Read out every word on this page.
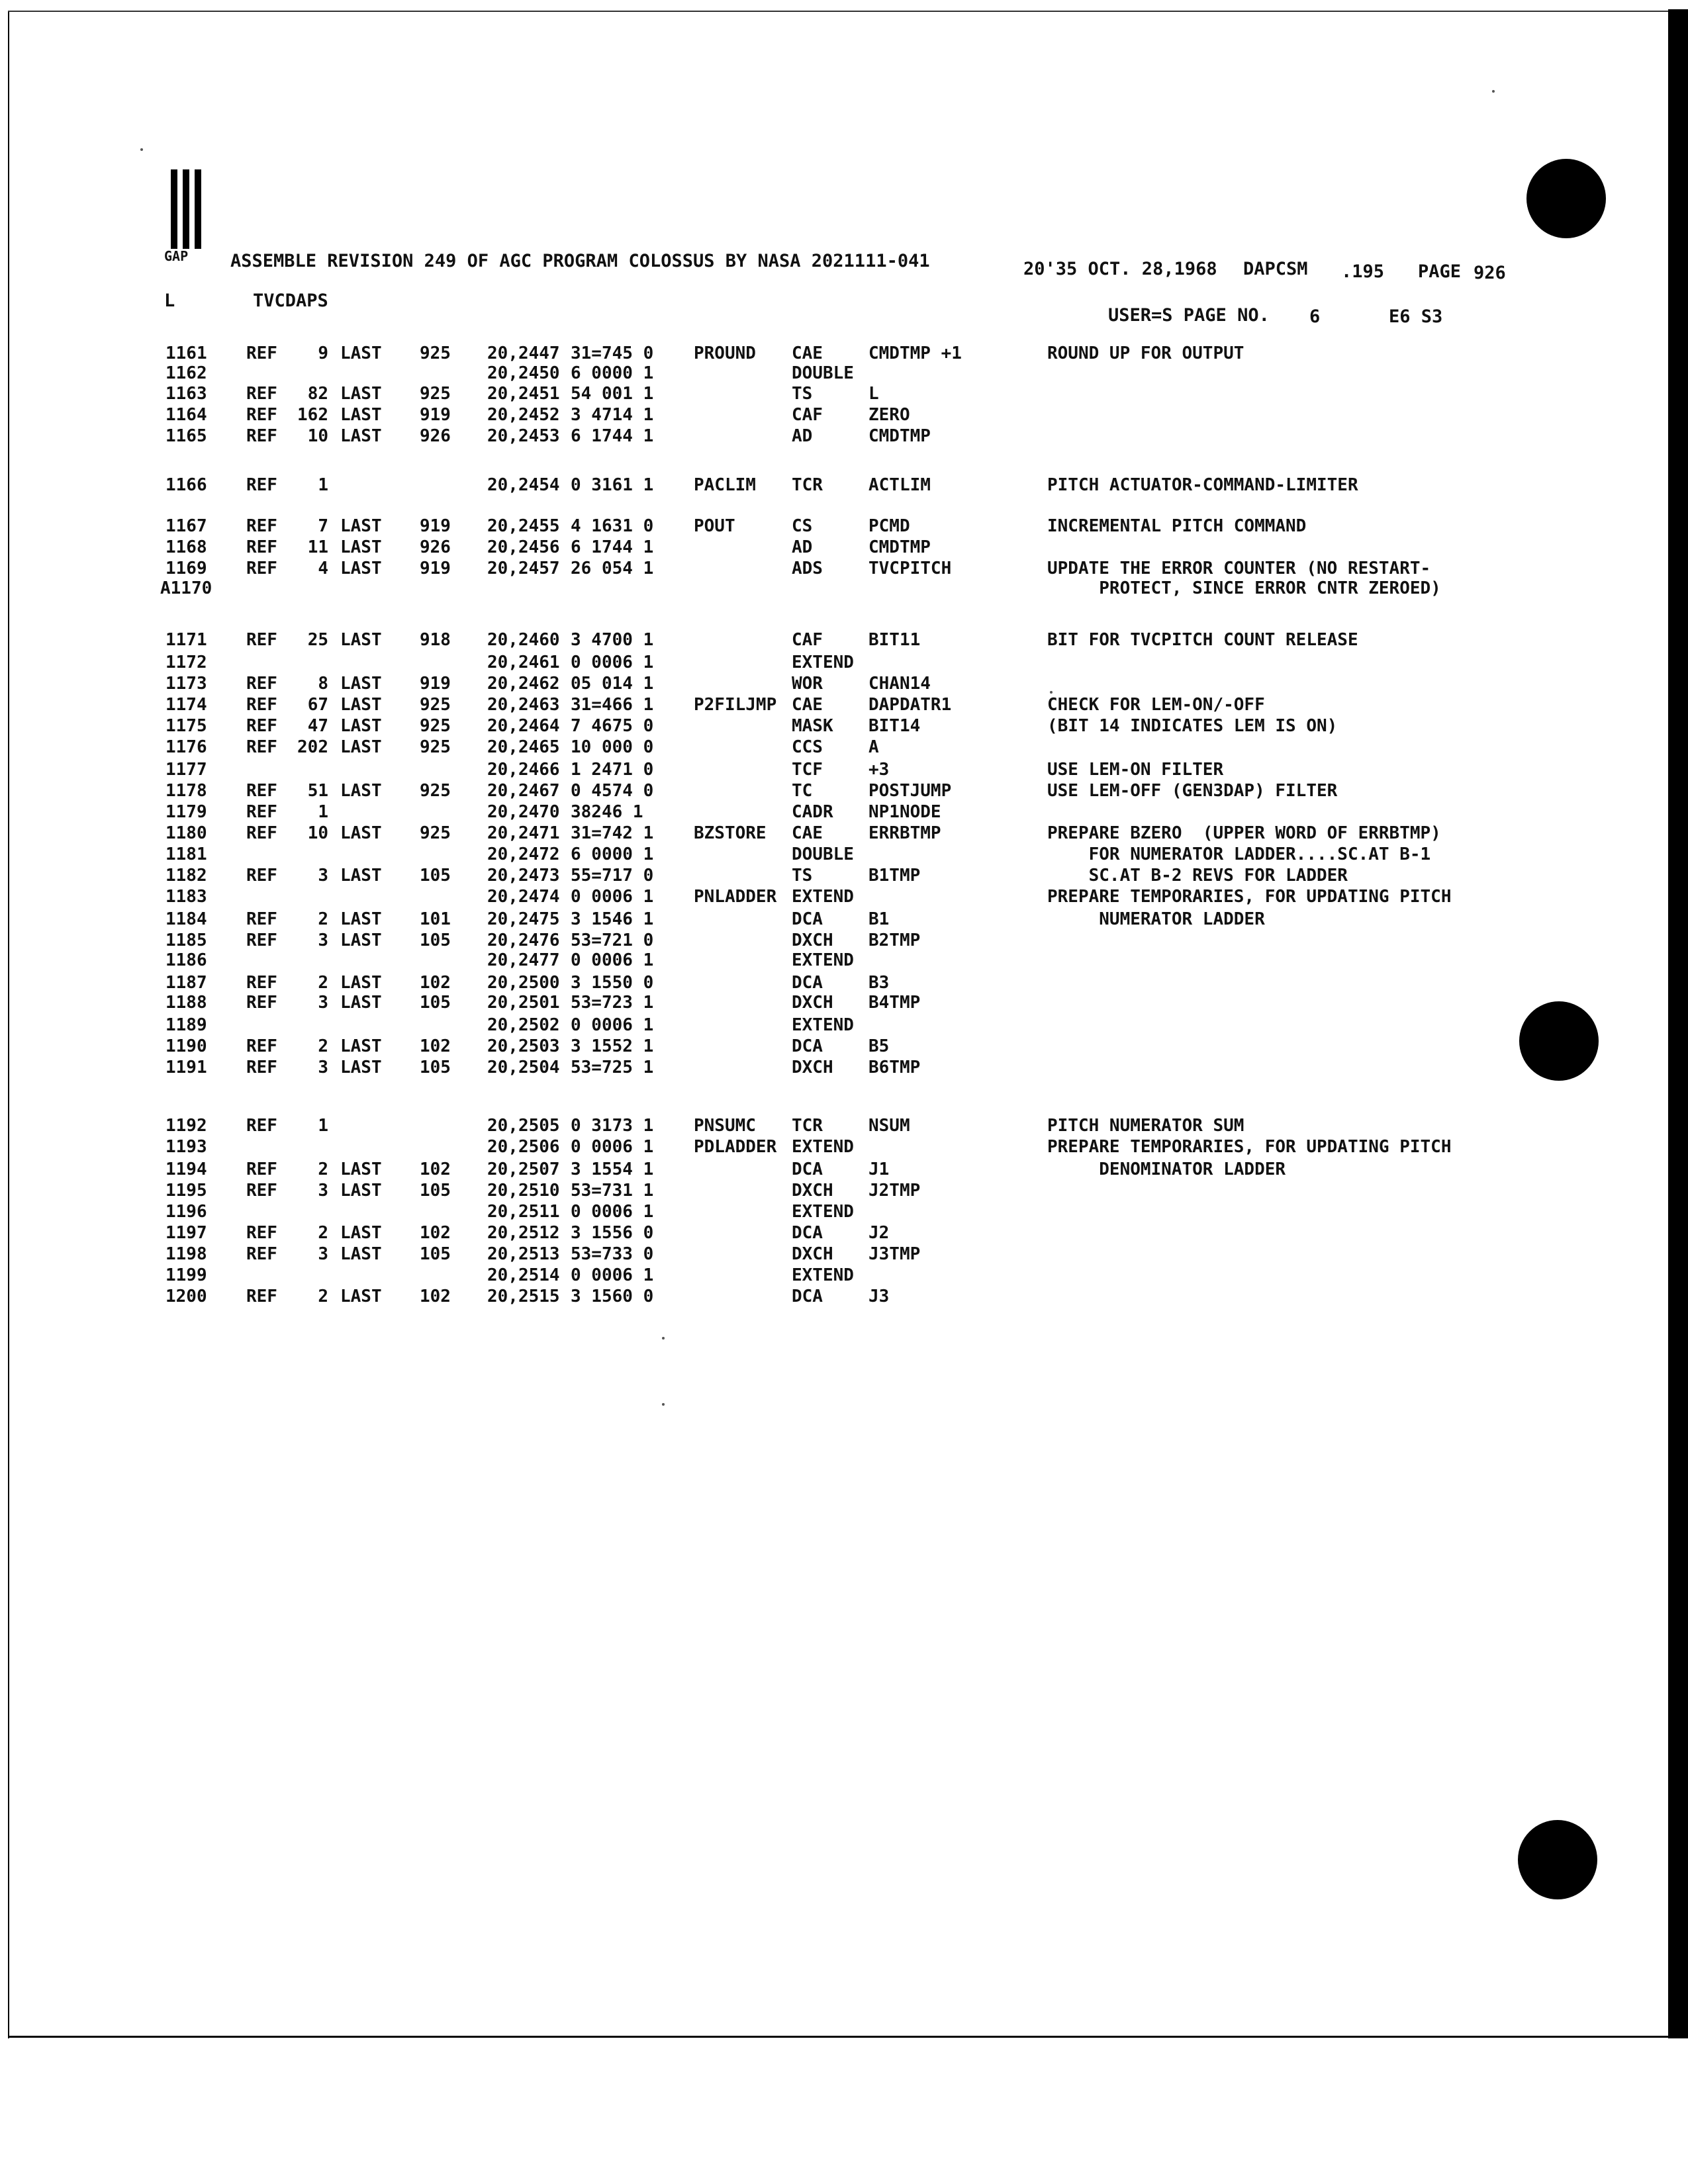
GAP ASSEMBLE REVISION 249 OF AGC PROGRAM COLOSSUS BY NASA 2021111-041	20'35 OCT. 28,1968 DAPCSM .195 PAGE 926
L	TVCDAPS
USER=S PAGE NO. 6	E6 S3
1161 REF	9 LAST 925 20,2447 31=745 0 PROUND CAE	CMDTMP +1	ROUND UP FOR OUTPUT
1162	20,2450 6 0000 1	DOUBLE
1163 REF	82 LAST 925 20,2451 54 001 1	TS	L
1164 REF	162 LAST 919 20,2452 3 4714 1	CAF	ZERO
1165 REF	10 LAST 926 20,2453 6 1744 1	AD	CMDTMP
1166 REF	1	20,2454 0 3161 1 PACLIM TCR	ACTLIM	PITCH ACTUATOR-COMMAND-LIMITER
1167 REF	7 LAST 919 20,2455 4 1631 0 POUT	CS	PCMD	INCREMENTAL PITCH COMMAND
1168 REF	11 LAST 926 20,2456 6 1744 1	AD	CMDTMP
1169 REF	4 LAST 919 20,2457 26 054 1	ADS	TVCPITCH	UPDATE THE ERROR COUNTER (NO RESTART-
A1170	PROTECT, SINCE ERROR CNTR ZEROED)
1171 REF	25 LAST 918 20,2460 3 4700 1	CAF	BIT11	BIT FOR TVCPITCH COUNT RELEASE
1172	20,2461 0 0006 1	EXTEND
1173 REF	8 LAST 919 20,2462 05 014 1	WOR	CHAN14
1174 REF	67 LAST 925 20,2463 31=466 1 P2FILJMP CAE	DAPDATR1	CHECK FOR LEM-ON/-OFF
1175 REF	47 LAST 925 20,2464 7 4675 0	MASK BIT14	(BIT 14 INDICATES LEM IS ON)
1176 REF	202 LAST 925 20,2465 10 000 0	CCS	A
1177	20,2466 1 2471 0	TCF	+3	USE LEM-ON FILTER
1178 REF	51 LAST 925 20,2467 0 4574 0	TC	POSTJUMP	USE LEM-OFF (GEN3DAP) FILTER
1179 REF	1	20,2470 38246 1	CADR NP1NODE
1180 REF	10 LAST 925 20,2471 31=742 1 BZSTORE CAE	ERRBTMP	PREPARE BZERO  (UPPER WORD OF ERRBTMP)
1181	20,2472 6 0000 1	DOUBLE	FOR NUMERATOR LADDER....SC.AT B-1
1182 REF	3 LAST 105 20,2473 55=717 0	TS	B1TMP	SC.AT B-2 REVS FOR LADDER
1183	20,2474 0 0006 1 PNLADDER EXTEND	PREPARE TEMPORARIES, FOR UPDATING PITCH
1184 REF	2 LAST 101 20,2475 3 1546 1	DCA	B1	NUMERATOR LADDER
1185 REF	3 LAST 105 20,2476 53=721 0	DXCH B2TMP
1186	20,2477 0 0006 1	EXTEND
1187 REF	2 LAST 102 20,2500 3 1550 0	DCA	B3
1188 REF	3 LAST 105 20,2501 53=723 1	DXCH B4TMP
1189	20,2502 0 0006 1	EXTEND
1190 REF	2 LAST 102 20,2503 3 1552 1	DCA	B5
1191 REF	3 LAST 105 20,2504 53=725 1	DXCH B6TMP
1192 REF	1	20,2505 0 3173 1 PNSUMC TCR	NSUM	PITCH NUMERATOR SUM
1193	20,2506 0 0006 1 PDLADDER EXTEND	PREPARE TEMPORARIES, FOR UPDATING PITCH
1194 REF	2 LAST 102 20,2507 3 1554 1	DCA	J1	DENOMINATOR LADDER
1195 REF	3 LAST 105 20,2510 53=731 1	DXCH J2TMP
1196	20,2511 0 0006 1	EXTEND
1197 REF	2 LAST 102 20,2512 3 1556 0	DCA	J2
1198 REF	3 LAST 105 20,2513 53=733 0	DXCH J3TMP
1199	20,2514 0 0006 1	EXTEND
1200 REF	2 LAST 102 20,2515 3 1560 0	DCA	J3
